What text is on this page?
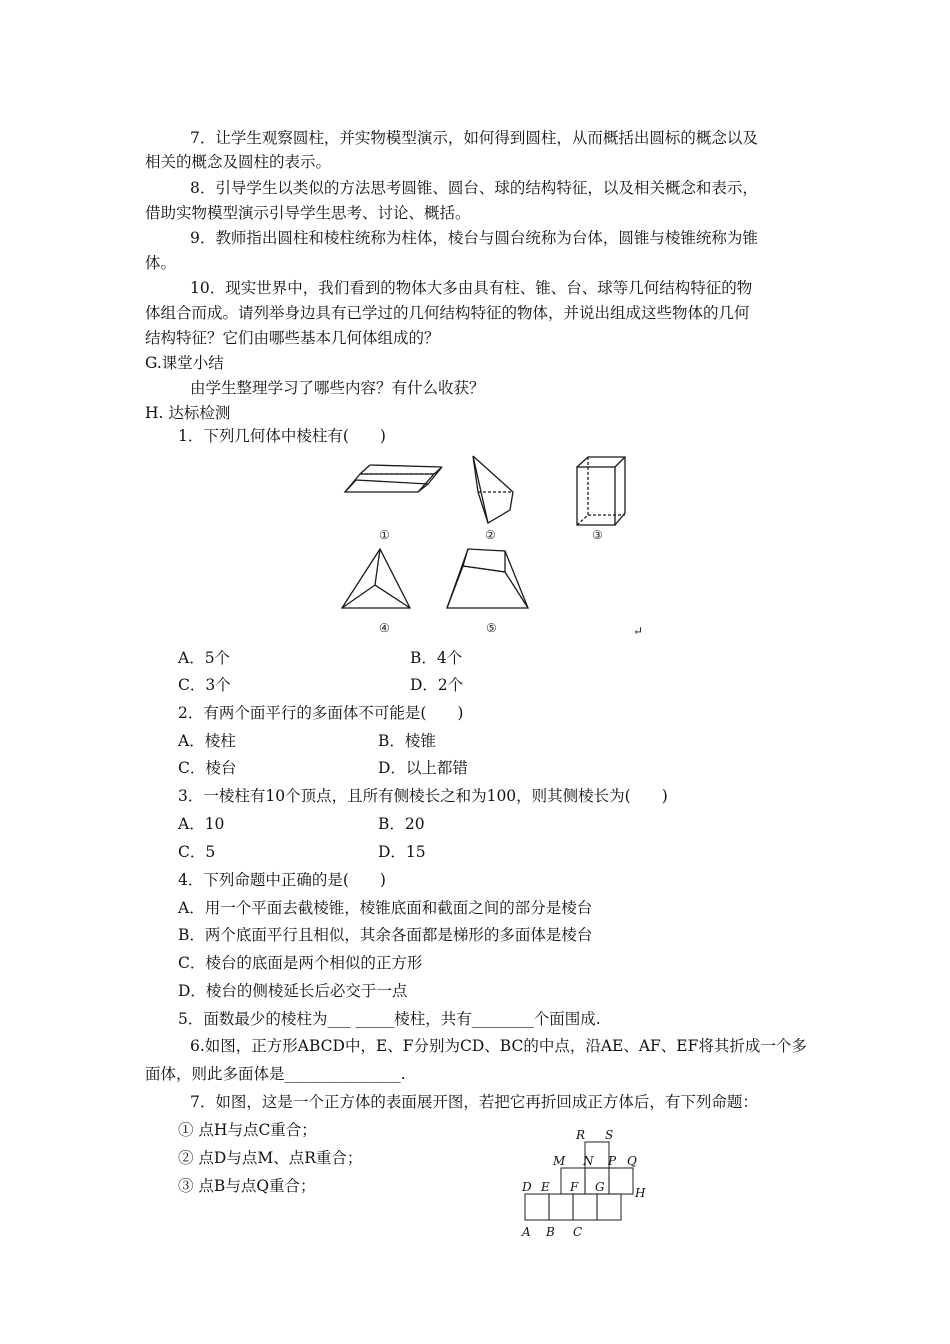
7．让学生观察圆柱，并实物模型演示，如何得到圆柱，从而概括出圆标的概念以及
相关的概念及圆柱的表示。
8．引导学生以类似的方法思考圆锥、圆台、球的结构特征，以及相关概念和表示，
借助实物模型演示引导学生思考、讨论、概括。
9．教师指出圆柱和棱柱统称为柱体，棱台与圆台统称为台体，圆锥与棱锥统称为锥
体。
10．现实世界中，我们看到的物体大多由具有柱、锥、台、球等几何结构特征的物
体组合而成。请列举身边具有已学过的几何结构特征的物体，并说出组成这些物体的几何
结构特征？它们由哪些基本几何体组成的？
G.课堂小结
由学生整理学习了哪些内容？有什么收获？
H. 达标检测
1．下列几何体中棱柱有(　　)
①	②	③
④	⑤	↵
A．5个	B．4个
C．3个	D．2个
2．有两个面平行的多面体不可能是(　　)
A．棱柱	B．棱锥
C．棱台	D．以上都错
3．一棱柱有10个顶点，且所有侧棱长之和为100，则其侧棱长为(　　)
A．10	B．20
C．5	D．15
4．下列命题中正确的是(　　)
A．用一个平面去截棱锥，棱锥底面和截面之间的部分是棱台
B．两个底面平行且相似，其余各面都是梯形的多面体是棱台
C．棱台的底面是两个相似的正方形
D．棱台的侧棱延长后必交于一点
5．面数最少的棱柱为___ _____棱柱，共有________个面围成.
6.如图，正方形ABCD中，E、F分别为CD、BC的中点，沿AE、AF、EF将其折成一个多
面体，则此多面体是_______________.
7．如图，这是一个正方体的表面展开图，若把它再折回成正方体后，有下列命题：
① 点H与点C重合；
② 点D与点M、点R重合；
③ 点B与点Q重合；
R S
M N P Q
D E F G	H
A B C
